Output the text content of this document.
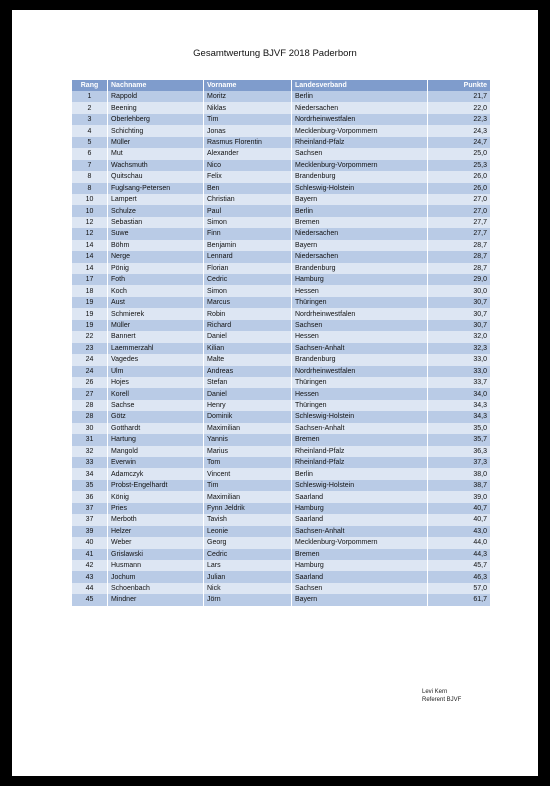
Gesamtwertung BJVF 2018 Paderborn
Rang	Nachname	Vorname	Landesverband	Punkte
1	Rappold	Moritz	Berlin	21,7
2	Beening	Niklas	Niedersachen	22,0
3	Oberlehberg	Tim	Nordrheinwestfalen	22,3
4	Schichting	Jonas	Mecklenburg-Vorpommern	24,3
5	Müller	Rasmus Florentin	Rheinland-Pfalz	24,7
6	Mut	Alexander	Sachsen	25,0
7	Wachsmuth	Nico	Mecklenburg-Vorpommern	25,3
8	Quitschau	Felix	Brandenburg	26,0
8	Fuglsang-Petersen	Ben	Schleswig-Holstein	26,0
10	Lampert	Christian	Bayern	27,0
10	Schulze	Paul	Berlin	27,0
12	Sebastian	Simon	Bremen	27,7
12	Suwe	Finn	Niedersachen	27,7
14	Böhm	Benjamin	Bayern	28,7
14	Nerge	Lennard	Niedersachen	28,7
14	Pönig	Florian	Brandenburg	28,7
17	Foth	Cedric	Hamburg	29,0
18	Koch	Simon	Hessen	30,0
19	Aust	Marcus	Thüringen	30,7
19	Schmierek	Robin	Nordrheinwestfalen	30,7
19	Müller	Richard	Sachsen	30,7
22	Bannert	Daniel	Hessen	32,0
23	Laemmerzahl	Kilian	Sachsen-Anhalt	32,3
24	Vagedes	Malte	Brandenburg	33,0
24	Ulm	Andreas	Nordrheinwestfalen	33,0
26	Hojes	Stefan	Thüringen	33,7
27	Korell	Daniel	Hessen	34,0
28	Sachse	Henry	Thüringen	34,3
28	Götz	Dominik	Schleswig-Holstein	34,3
30	Gotthardt	Maximilian	Sachsen-Anhalt	35,0
31	Hartung	Yannis	Bremen	35,7
32	Mangold	Marius	Rheinland-Pfalz	36,3
33	Everwin	Tom	Rheinland-Pfalz	37,3
34	Adamczyk	Vincent	Berlin	38,0
35	Probst-Engelhardt	Tim	Schleswig-Holstein	38,7
36	König	Maximilian	Saarland	39,0
37	Pries	Fynn Jeldrik	Hamburg	40,7
37	Merboth	Tavish	Saarland	40,7
39	Helzer	Leonie	Sachsen-Anhalt	43,0
40	Weber	Georg	Mecklenburg-Vorpommern	44,0
41	Grislawski	Cedric	Bremen	44,3
42	Husmann	Lars	Hamburg	45,7
43	Jochum	Julian	Saarland	46,3
44	Schoenbach	Nick	Sachsen	57,0
45	Mindner	Jörn	Bayern	61,7
Levi Kern
Referent BJVF
